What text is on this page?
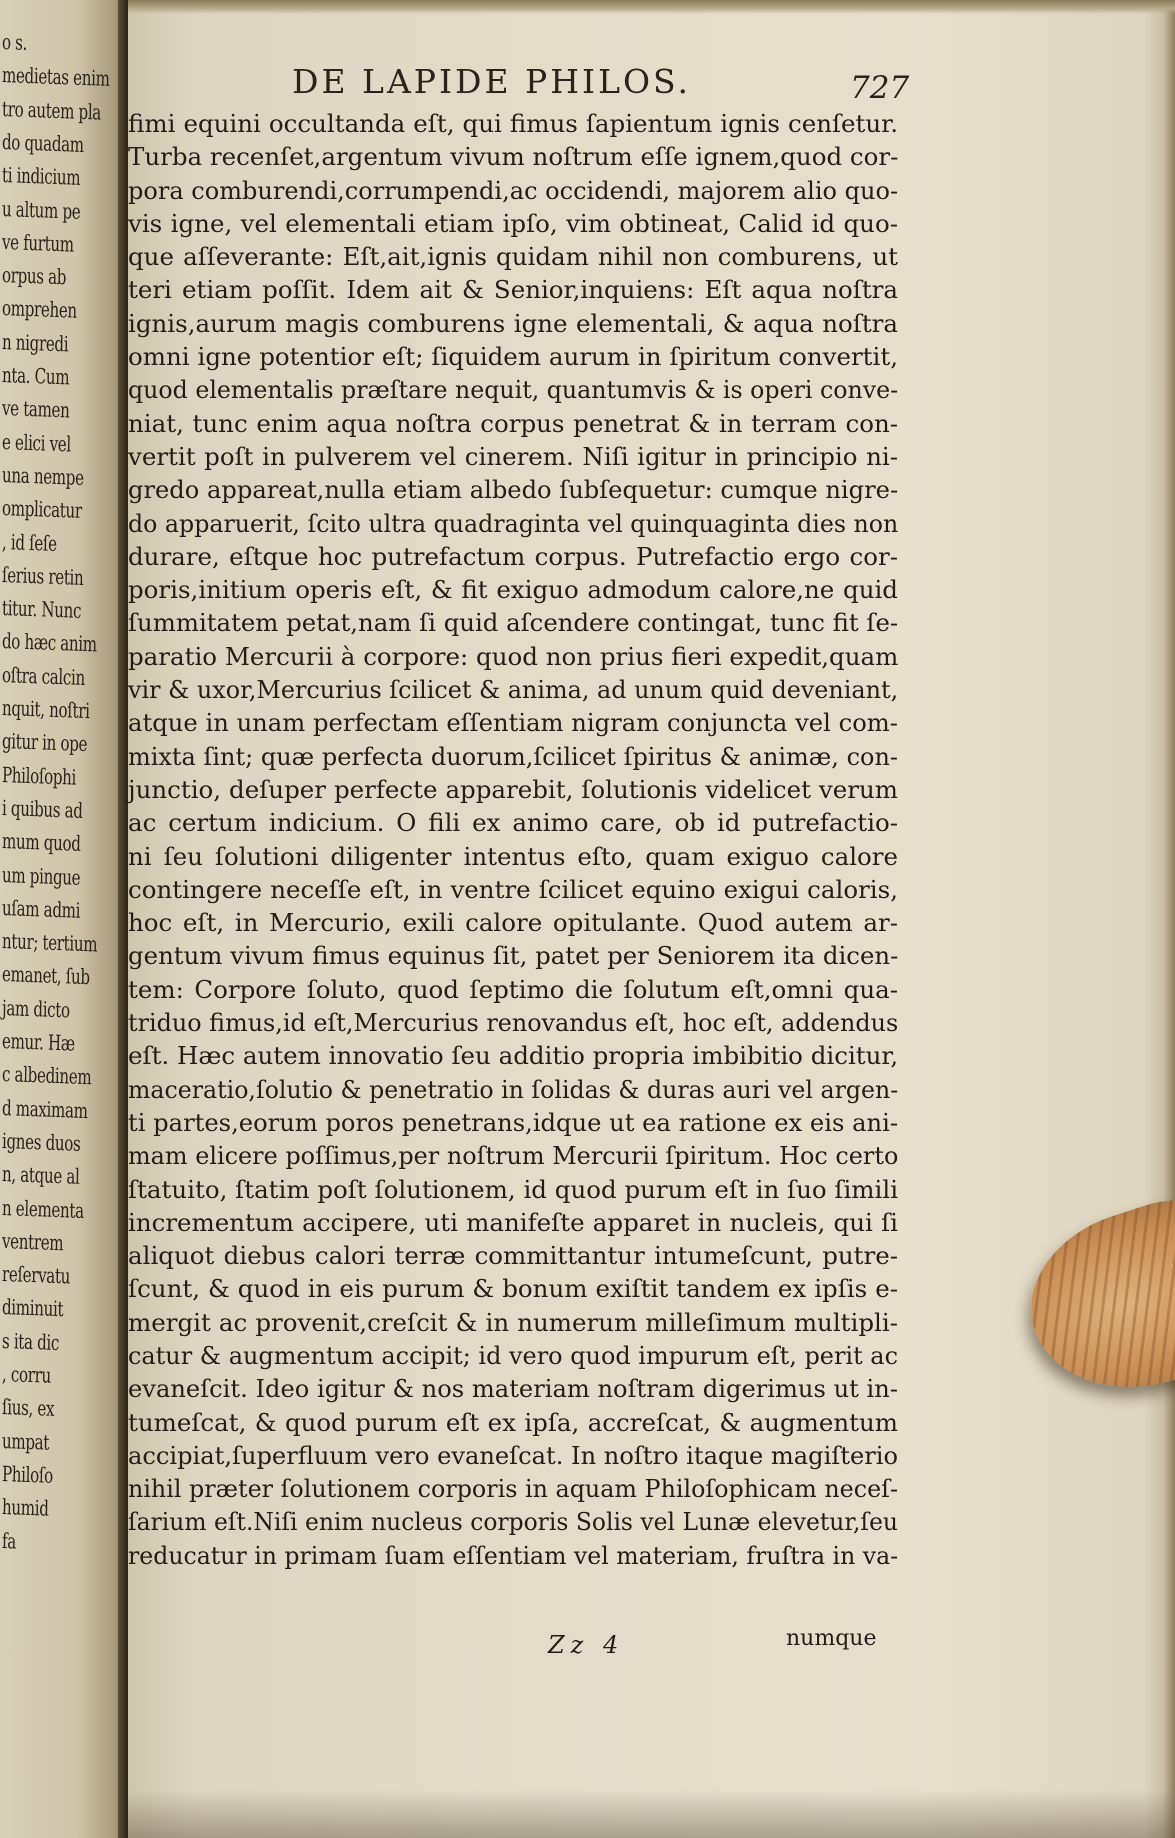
o s.
medietas enim
tro autem pla
do quadam
ti indicium
u altum pe
ve furtum
orpus ab
omprehen
n nigredi
nta. Cum
ve tamen
e elici vel
una nempe
omplicatur
, id ſeſe
ſerius retin
titur. Nunc
do hæc anim
oſtra calcin
nquit, noſtri
gitur in ope
Philoſophi
i quibus ad
mum quod
um pingue
uſam admi
ntur; tertium
emanet, ſub
jam dicto
emur. Hæ
c albedinem
d maximam
ignes duos
n, atque al
n elementa
ventrem
reſervatu
diminuit
s ita dic
, corru
ſius, ex
umpat
Philoſo
humid
fa
DE LAPIDE PHILOS.	727
fimi equini occultanda eſt, qui fimus ſapientum ignis cenſetur.
Turba recenſet,argentum vivum noſtrum eſſe ignem,quod cor-
pora comburendi,corrumpendi,ac occidendi, majorem alio quo-
vis igne, vel elementali etiam ipſo, vim obtineat, Calid id quo-
que aſſeverante: Eſt,ait,ignis quidam nihil non comburens, ut
teri etiam poſſit. Idem ait & Senior,inquiens: Eſt aqua noſtra
ignis,aurum magis comburens igne elementali, & aqua noſtra
omni igne potentior eſt; ſiquidem aurum in ſpiritum convertit,
quod elementalis præſtare nequit, quantumvis & is operi conve-
niat, tunc enim aqua noſtra corpus penetrat & in terram con-
vertit poſt in pulverem vel cinerem. Niſi igitur in principio ni-
gredo appareat,nulla etiam albedo ſubſequetur: cumque nigre-
do apparuerit, ſcito ultra quadraginta vel quinquaginta dies non
durare, eſtque hoc putrefactum corpus. Putrefactio ergo cor-
poris,initium operis eſt, & fit exiguo admodum calore,ne quid
ſummitatem petat,nam ſi quid aſcendere contingat, tunc fit ſe-
paratio Mercurii à corpore: quod non prius fieri expedit,quam
vir & uxor,Mercurius ſcilicet & anima, ad unum quid deveniant,
atque in unam perfectam eſſentiam nigram conjuncta vel com-
mixta ſint; quæ perfecta duorum,ſcilicet ſpiritus & animæ, con-
junctio, deſuper perfecte apparebit, ſolutionis videlicet verum
ac certum indicium. O fili ex animo care, ob id putrefactio-
ni ſeu ſolutioni diligenter intentus eſto, quam exiguo calore
contingere neceſſe eſt, in ventre ſcilicet equino exigui caloris,
hoc eſt, in Mercurio, exili calore opitulante. Quod autem ar-
gentum vivum fimus equinus ſit, patet per Seniorem ita dicen-
tem: Corpore ſoluto, quod ſeptimo die ſolutum eſt,omni qua-
triduo fimus,id eſt,Mercurius renovandus eſt, hoc eſt, addendus
eſt. Hæc autem innovatio ſeu additio propria imbibitio dicitur,
maceratio,ſolutio & penetratio in ſolidas & duras auri vel argen-
ti partes,eorum poros penetrans,idque ut ea ratione ex eis ani-
mam elicere poſſimus,per noſtrum Mercurii ſpiritum. Hoc certo
ſtatuito, ſtatim poſt ſolutionem, id quod purum eſt in ſuo ſimili
incrementum accipere, uti manifeſte apparet in nucleis, qui ſi
aliquot diebus calori terræ committantur intumeſcunt, putre-
ſcunt, & quod in eis purum & bonum exiſtit tandem ex ipſis e-
mergit ac provenit,creſcit & in numerum milleſimum multipli-
catur & augmentum accipit; id vero quod impurum eſt, perit ac
evaneſcit. Ideo igitur & nos materiam noſtram digerimus ut in-
tumeſcat, & quod purum eſt ex ipſa, accreſcat, & augmentum
accipiat,ſuperfluum vero evaneſcat. In noſtro itaque magiſterio
nihil præter ſolutionem corporis in aquam Philoſophicam neceſ-
ſarium eſt.Niſi enim nucleus corporis Solis vel Lunæ elevetur,ſeu
reducatur in primam ſuam eſſentiam vel materiam, fruſtra in va-
Zz 4	numque
